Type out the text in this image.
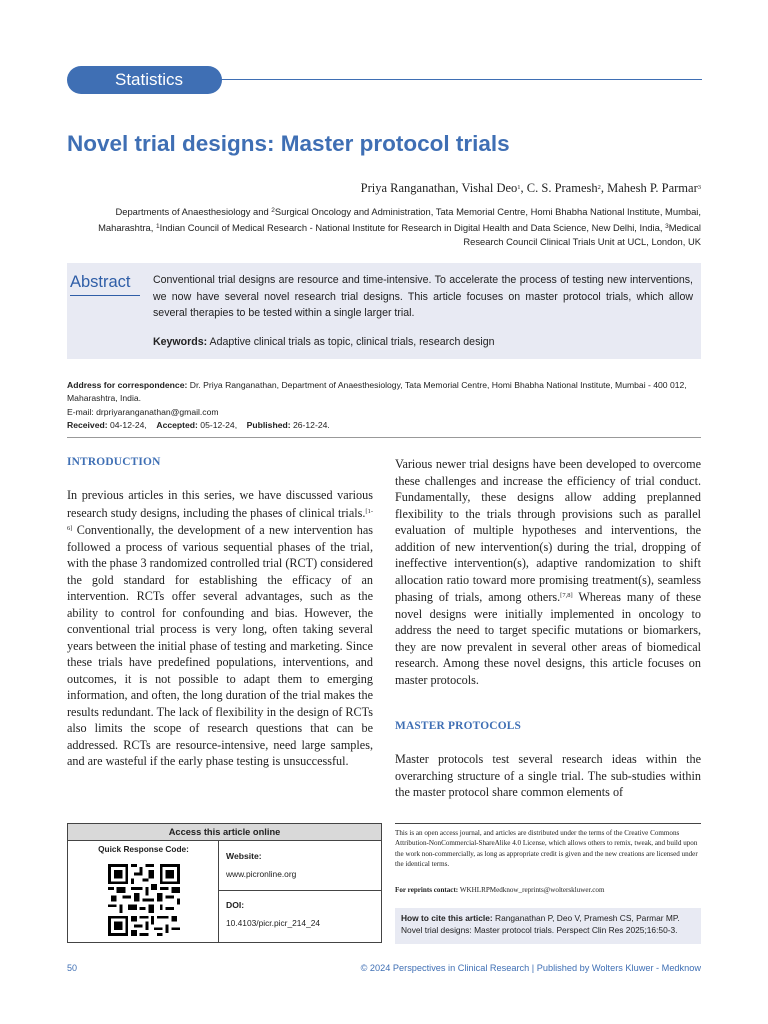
Statistics
Novel trial designs: Master protocol trials
Priya Ranganathan, Vishal Deo$^1$, C. S. Pramesh$^2$, Mahesh P. Parmar$^3$
Departments of Anaesthesiology and $^2$Surgical Oncology and Administration, Tata Memorial Centre, Homi Bhabha National Institute, Mumbai, Maharashtra, $^1$Indian Council of Medical Research - National Institute for Research in Digital Health and Data Science, New Delhi, India, $^3$Medical Research Council Clinical Trials Unit at UCL, London, UK
Abstract Conventional trial designs are resource and time-intensive. To accelerate the process of testing new interventions, we now have several novel research trial designs. This article focuses on master protocol trials, which allow several therapies to be tested within a single larger trial.

Keywords: Adaptive clinical trials as topic, clinical trials, research design

Address for correspondence: Dr. Priya Ranganathan, Department of Anaesthesiology, Tata Memorial Centre, Homi Bhabha National Institute, Mumbai - 400 012, Maharashtra, India.
E-mail: drpriyaranganathan@gmail.com
Received: 04-12-24, Accepted: 05-12-24, Published: 26-12-24.
INTRODUCTION

In previous articles in this series, we have discussed various research study designs, including the phases of clinical trials.[1-6] Conventionally, the development of a new intervention has followed a process of various sequential phases of the trial, with the phase 3 randomized controlled trial (RCT) considered the gold standard for establishing the efficacy of an intervention. RCTs offer several advantages, such as the ability to control for confounding and bias. However, the conventional trial process is very long, often taking several years between the initial phase of testing and marketing. Since these trials have predefined populations, interventions, and outcomes, it is not possible to adapt them to emerging information, and often, the long duration of the trial makes the results redundant. The lack of flexibility in the design of RCTs also limits the scope of research questions that can be addressed. RCTs are resource-intensive, need large samples, and are wasteful if the early phase testing is unsuccessful.

Various newer trial designs have been developed to overcome these challenges and increase the efficiency of trial conduct. Fundamentally, these designs allow adding preplanned flexibility to the trials through provisions such as parallel evaluation of multiple hypotheses and interventions, the addition of new intervention(s) during the trial, dropping of ineffective intervention(s), adaptive randomization to shift allocation ratio toward more promising treatment(s), seamless phasing of trials, among others.[7,8] Whereas many of these novel designs were initially implemented in oncology to address the need to target specific mutations or biomarkers, they are now prevalent in several other areas of biomedical research. Among these novel designs, this article focuses on master protocols.

MASTER PROTOCOLS

Master protocols test several research ideas within the overarching structure of a single trial. The sub-studies within the master protocol share common elements of

Access this article online
Quick Response Code:
Website:
www.picronline.org
DOI:
10.4103/picr.picr_214_24

This is an open access journal, and articles are distributed under the terms of the Creative Commons Attribution-NonCommercial-ShareAlike 4.0 License, which allows others to remix, tweak, and build upon the work non-commercially, as long as appropriate credit is given and the new creations are licensed under the identical terms.

For reprints contact: WKHLRPMedknow_reprints@wolterskluwer.com

How to cite this article: Ranganathan P, Deo V, Pramesh CS, Parmar MP. Novel trial designs: Master protocol trials. Perspect Clin Res 2025;16:50-3.
50	© 2024 Perspectives in Clinical Research | Published by Wolters Kluwer - Medknow
